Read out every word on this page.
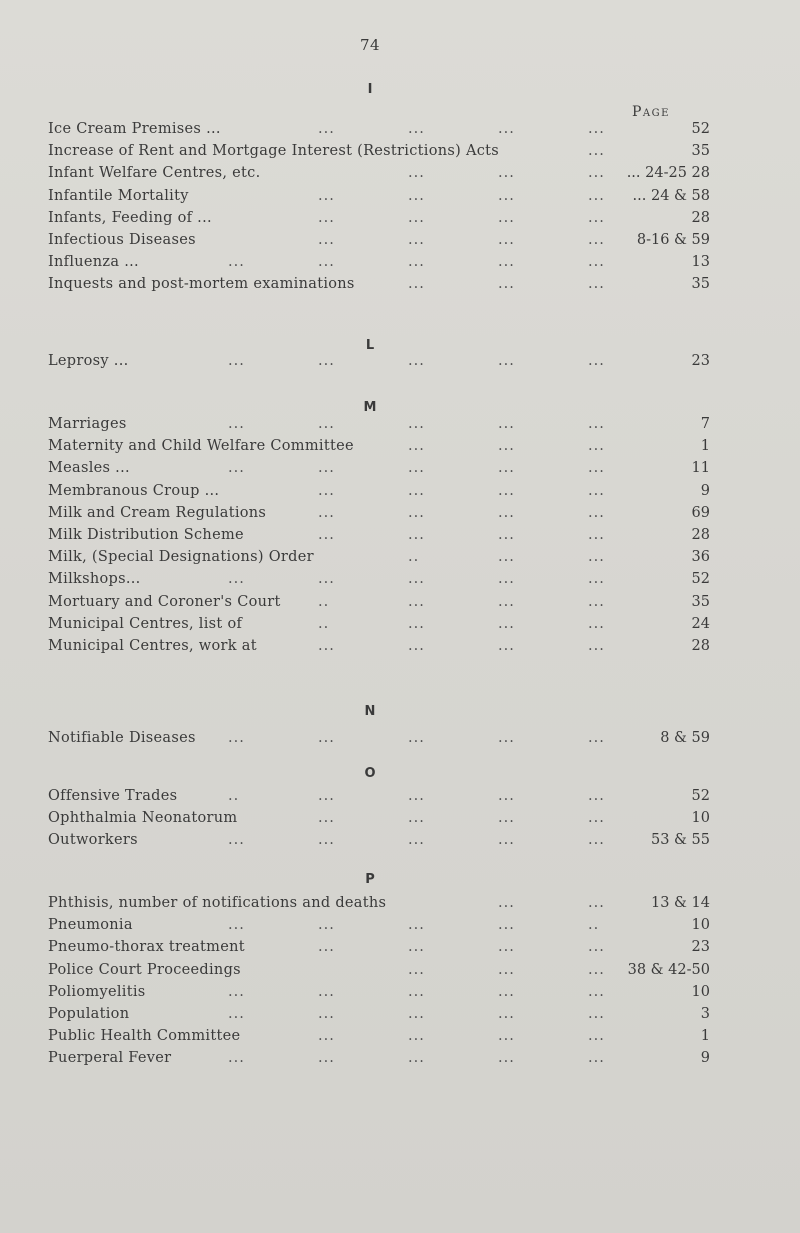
74
Page
I
Ice Cream Premises ...	...	...	...	...	52
Increase of Rent and Mortgage Interest (Restrictions) Acts	...	35
Infant Welfare Centres, etc.	...	...	... ... 24-25 28
Infantile Mortality	...	...	...	... ... 24 & 58
Infants, Feeding of ...	...	...	...	...	28
Infectious Diseases	...	...	...	... 8-16 & 59
Influenza ...	...	...	...	...	...	13
Inquests and post-mortem examinations	...	...	...	35
L
Leprosy ...	...	...	...	...	...	23
M
Marriages	...	...	...	...	...	7
Maternity and Child Welfare Committee	...	...	...	1
Measles ...	...	...	...	...	...	11
Membranous Croup ...	...	...	...	...	9
Milk and Cream Regulations	...	...	...	...	69
Milk Distribution Scheme	...	...	...	...	28
Milk, (Special Designations) Order	..	...	...	36
Milkshops...	...	...	...	...	...	52
Mortuary and Coroner's Court	..	...	...	...	35
Municipal Centres, list of	..	...	...	...	24
Municipal Centres, work at	...	...	...	...	28
N
Notifiable Diseases ...	...	...	...	...	8 & 59
O
Offensive Trades	..	...	...	...	...	52
Ophthalmia Neonatorum	...	...	...	...	10
Outworkers	...	...	...	...	...	53 & 55
P
Phthisis, number of notifications and deaths	...	...	13 & 14
Pneumonia	...	...	...	...	..	10
Pneumo-thorax treatment	...	...	...	...	23
Police Court Proceedings	...	...	... 38 & 42-50
Poliomyelitis	...	...	...	...	...	10
Population	...	...	...	...	...	3
Public Health Committee	...	...	...	...	1
Puerperal Fever	...	...	...	...	...	9
